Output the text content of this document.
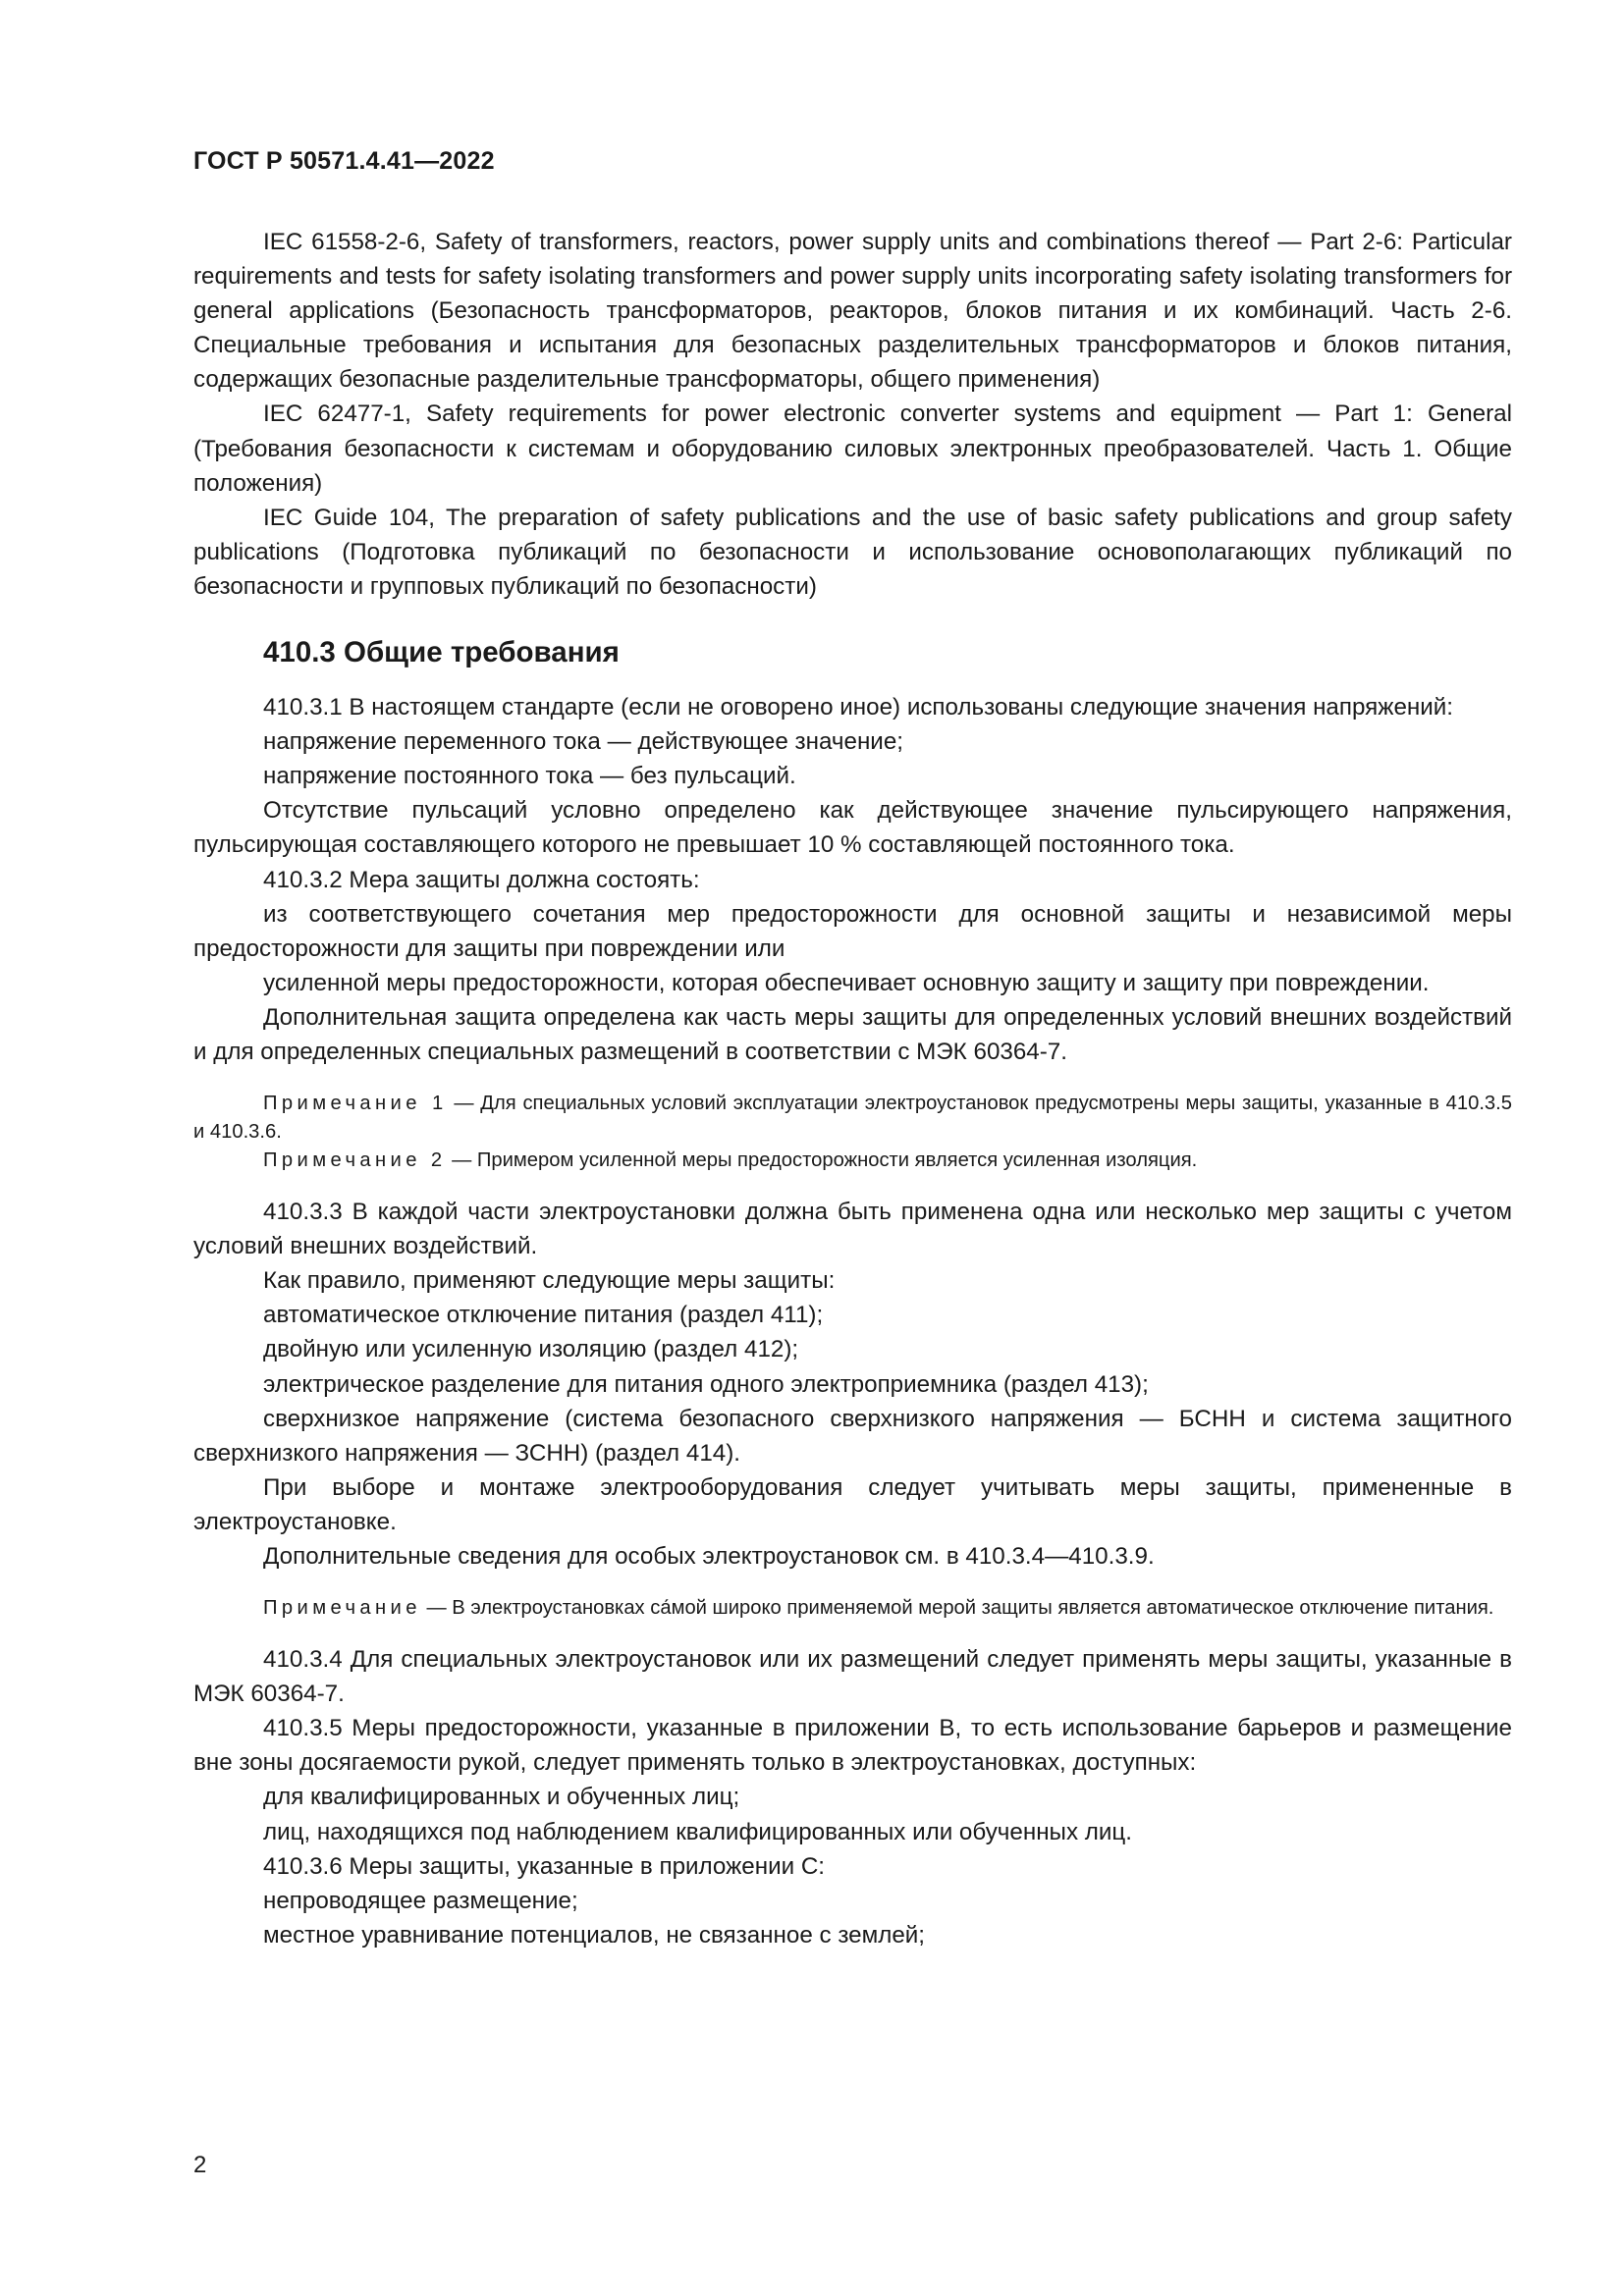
ГОСТ Р 50571.4.41—2022

IEC 61558-2-6, Safety of transformers, reactors, power supply units and combinations thereof — Part 2-6: Particular requirements and tests for safety isolating transformers and power supply units incorporating safety isolating transformers for general applications (Безопасность трансформаторов, реакторов, блоков питания и их комбинаций. Часть 2-6. Специальные требования и испытания для безопасных разделительных трансформаторов и блоков питания, содержащих безопасные разделительные трансформаторы, общего применения)

IEC 62477-1, Safety requirements for power electronic converter systems and equipment — Part 1: General (Требования безопасности к системам и оборудованию силовых электронных преобразователей. Часть 1. Общие положения)

IEC Guide 104, The preparation of safety publications and the use of basic safety publications and group safety publications (Подготовка публикаций по безопасности и использование основополагающих публикаций по безопасности и групповых публикаций по безопасности)

410.3 Общие требования

410.3.1 В настоящем стандарте (если не оговорено иное) использованы следующие значения напряжений:

напряжение переменного тока — действующее значение;

напряжение постоянного тока — без пульсаций.

Отсутствие пульсаций условно определено как действующее значение пульсирующего напряжения, пульсирующая составляющего которого не превышает 10 % составляющей постоянного тока.

410.3.2 Мера защиты должна состоять:

из соответствующего сочетания мер предосторожности для основной защиты и независимой меры предосторожности для защиты при повреждении или

усиленной меры предосторожности, которая обеспечивает основную защиту и защиту при повреждении.

Дополнительная защита определена как часть меры защиты для определенных условий внешних воздействий и для определенных специальных размещений в соответствии с МЭК 60364-7.

Примечание 1 — Для специальных условий эксплуатации электроустановок предусмотрены меры защиты, указанные в 410.3.5 и 410.3.6.

Примечание 2 — Примером усиленной меры предосторожности является усиленная изоляция.

410.3.3 В каждой части электроустановки должна быть применена одна или несколько мер защиты с учетом условий внешних воздействий.

Как правило, применяют следующие меры защиты:

автоматическое отключение питания (раздел 411);

двойную или усиленную изоляцию (раздел 412);

электрическое разделение для питания одного электроприемника (раздел 413);

сверхнизкое напряжение (система безопасного сверхнизкого напряжения — БСНН и система защитного сверхнизкого напряжения — ЗСНН) (раздел 414).

При выборе и монтаже электрооборудования следует учитывать меры защиты, примененные в электроустановке.

Дополнительные сведения для особых электроустановок см. в 410.3.4—410.3.9.

Примечание — В электроустановках са́мой широко применяемой мерой защиты является автоматическое отключение питания.

410.3.4 Для специальных электроустановок или их размещений следует применять меры защиты, указанные в МЭК 60364-7.

410.3.5 Меры предосторожности, указанные в приложении В, то есть использование барьеров и размещение вне зоны досягаемости рукой, следует применять только в электроустановках, доступных:

для квалифицированных и обученных лиц;

лиц, находящихся под наблюдением квалифицированных или обученных лиц.

410.3.6 Меры защиты, указанные в приложении С:

непроводящее размещение;

местное уравнивание потенциалов, не связанное с землей;

2
